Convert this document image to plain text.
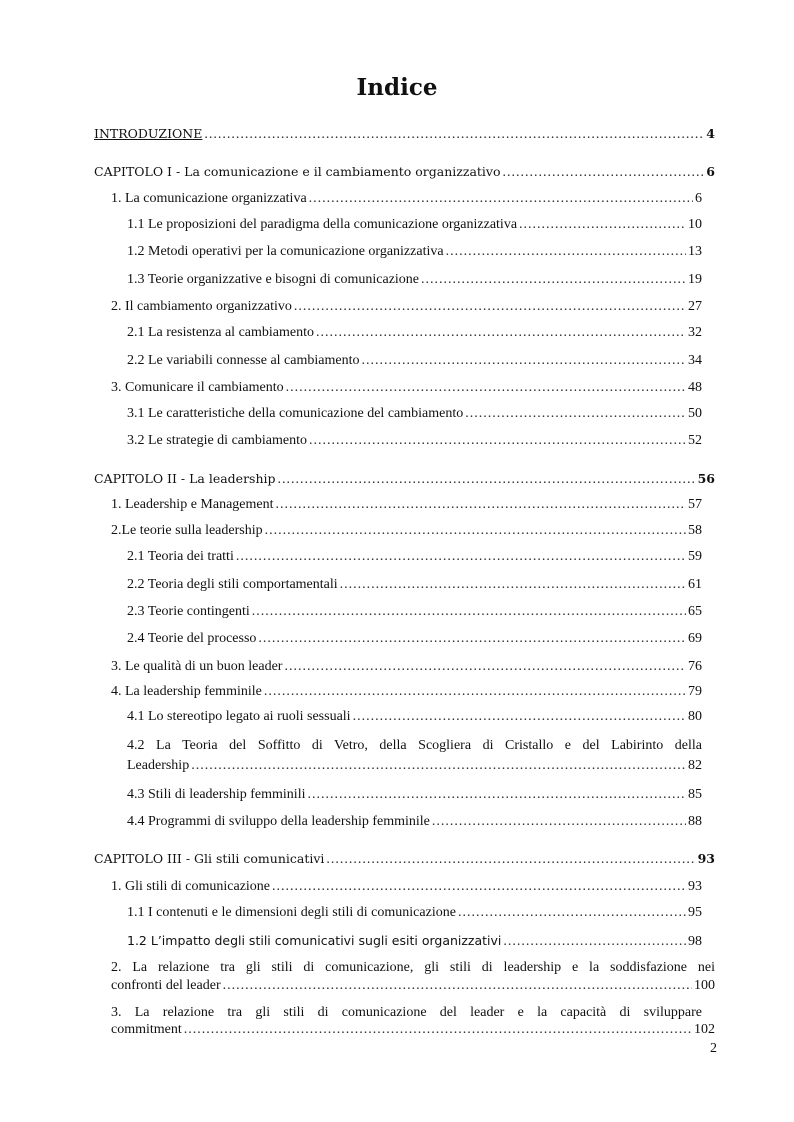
Indice
INTRODUZIONE .....	4
CAPITOLO I - La comunicazione e il cambiamento organizzativo .....	6
1. La comunicazione organizzativa .....	6
1.1 Le proposizioni del paradigma della comunicazione organizzativa .....	10
1.2 Metodi operativi per la comunicazione organizzativa .....	13
1.3 Teorie organizzative e bisogni di comunicazione .....	19
2. Il cambiamento organizzativo .....	27
2.1 La resistenza al cambiamento .....	32
2.2 Le variabili connesse al cambiamento .....	34
3. Comunicare il cambiamento .....	48
3.1 Le caratteristiche della comunicazione del cambiamento .....	50
3.2 Le strategie di cambiamento .....	52
CAPITOLO II - La leadership .....	56
1. Leadership e Management .....	57
2.Le teorie sulla leadership .....	58
2.1 Teoria dei tratti .....	59
2.2 Teoria degli stili comportamentali .....	61
2.3 Teorie contingenti .....	65
2.4 Teorie del processo .....	69
3. Le qualità di un buon leader .....	76
4. La leadership femminile .....	79
4.1 Lo stereotipo legato ai ruoli sessuali .....	80
4.2 La Teoria del Soffitto di Vetro, della Scogliera di Cristallo e del Labirinto della
Leadership .....	82
4.3 Stili di leadership femminili .....	85
4.4 Programmi di sviluppo della leadership femminile .....	88
CAPITOLO III - Gli stili comunicativi .....	93
1. Gli stili di comunicazione .....	93
1.1 I contenuti e le dimensioni degli stili di comunicazione .....	95
1.2 L’impatto degli stili comunicativi sugli esiti organizzativi .....	98
2. La relazione tra gli stili di comunicazione, gli stili di leadership e la soddisfazione nei
confronti del leader .....	100
3. La relazione tra gli stili di comunicazione del leader e la capacità di sviluppare
commitment .....	102
2
